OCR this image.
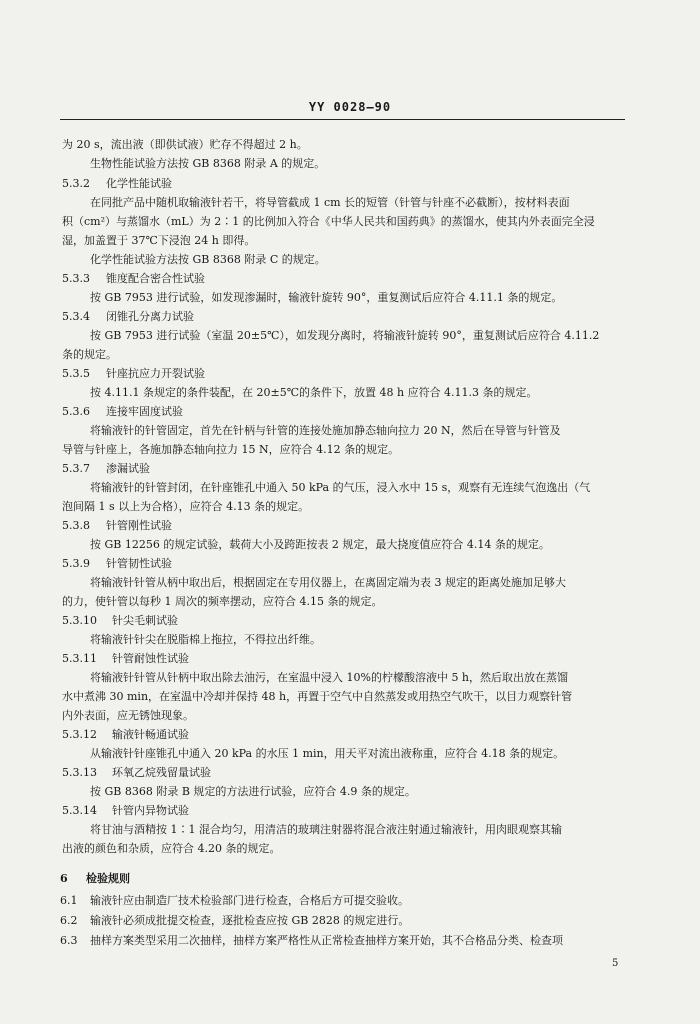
YY 0028—90
为 20 s，流出液（即供试液）贮存不得超过 2 h。
生物性能试验方法按 GB 8368 附录 A 的规定。
5.3.2 化学性能试验
在同批产品中随机取输液针若干，将导管截成 1 cm 长的短管（针管与针座不必截断），按材料表面
积（cm²）与蒸馏水（mL）为 2∶1 的比例加入符合《中华人民共和国药典》的蒸馏水，使其内外表面完全浸
湿，加盖置于 37℃下浸泡 24 h 即得。
化学性能试验方法按 GB 8368 附录 C 的规定。
5.3.3 锥度配合密合性试验
按 GB 7953 进行试验，如发现渗漏时，输液针旋转 90°，重复测试后应符合 4.11.1 条的规定。
5.3.4 闭锥孔分离力试验
按 GB 7953 进行试验（室温 20±5℃），如发现分离时，将输液针旋转 90°，重复测试后应符合 4.11.2
条的规定。
5.3.5 针座抗应力开裂试验
按 4.11.1 条规定的条件装配，在 20±5℃的条件下，放置 48 h 应符合 4.11.3 条的规定。
5.3.6 连接牢固度试验
将输液针的针管固定，首先在针柄与针管的连接处施加静态轴向拉力 20 N，然后在导管与针管及
导管与针座上，各施加静态轴向拉力 15 N，应符合 4.12 条的规定。
5.3.7 渗漏试验
将输液针的针管封闭，在针座锥孔中通入 50 kPa 的气压，浸入水中 15 s，观察有无连续气泡逸出（气
泡间隔 1 s 以上为合格），应符合 4.13 条的规定。
5.3.8 针管刚性试验
按 GB 12256 的规定试验，载荷大小及跨距按表 2 规定，最大挠度值应符合 4.14 条的规定。
5.3.9 针管韧性试验
将输液针针管从柄中取出后，根据固定在专用仪器上，在离固定端为表 3 规定的距离处施加足够大
的力，使针管以每秒 1 周次的频率摆动，应符合 4.15 条的规定。
5.3.10 针尖毛刺试验
将输液针针尖在脱脂棉上拖拉，不得拉出纤维。
5.3.11 针管耐蚀性试验
将输液针针管从针柄中取出除去油污，在室温中浸入 10%的柠檬酸溶液中 5 h，然后取出放在蒸馏
水中煮沸 30 min，在室温中冷却并保持 48 h，再置于空气中自然蒸发或用热空气吹干，以目力观察针管
内外表面，应无锈蚀现象。
5.3.12 输液针畅通试验
从输液针针座锥孔中通入 20 kPa 的水压 1 min，用天平对流出液称重，应符合 4.18 条的规定。
5.3.13 环氧乙烷残留量试验
按 GB 8368 附录 B 规定的方法进行试验，应符合 4.9 条的规定。
5.3.14 针管内异物试验
将甘油与酒精按 1∶1 混合均匀，用清洁的玻璃注射器将混合液注射通过输液针，用肉眼观察其输
出液的颜色和杂质，应符合 4.20 条的规定。
6 检验规则
6.1 输液针应由制造厂技术检验部门进行检查，合格后方可提交验收。
6.2 输液针必须成批提交检查，逐批检查应按 GB 2828 的规定进行。
6.3 抽样方案类型采用二次抽样，抽样方案严格性从正常检查抽样方案开始，其不合格品分类、检查项
5
